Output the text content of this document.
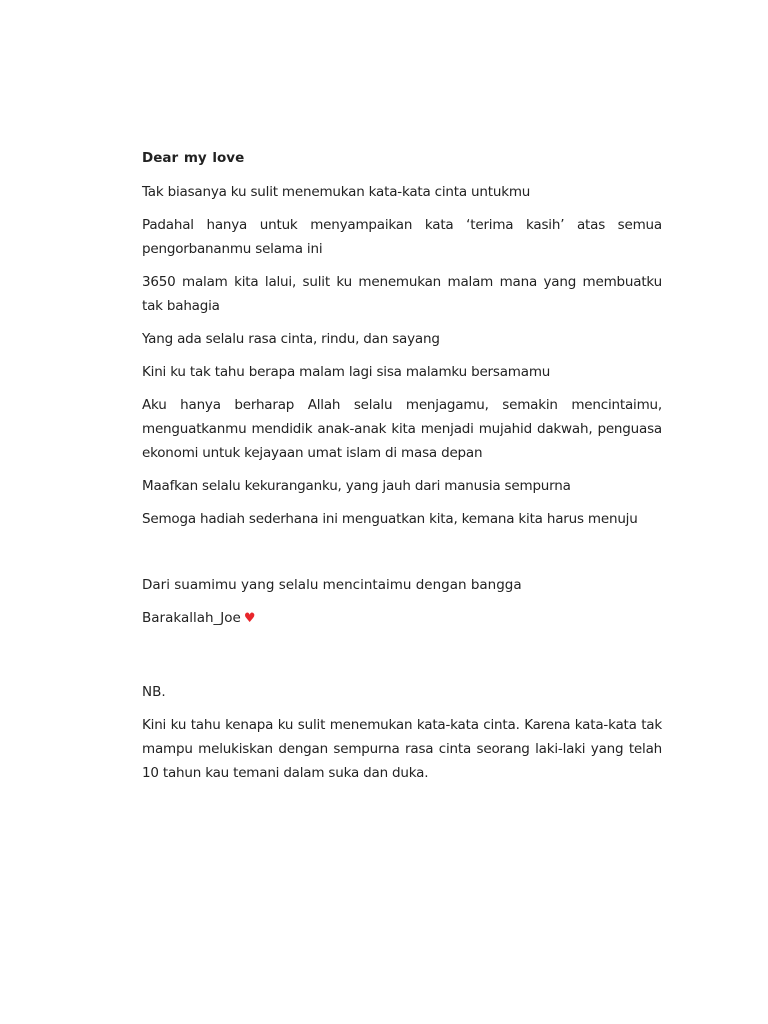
Dear my love

Tak biasanya ku sulit menemukan kata-kata cinta untukmu

Padahal hanya untuk menyampaikan kata ‘terima kasih’ atas semua pengorbananmu selama ini

3650 malam kita lalui, sulit ku menemukan malam mana yang membuatku tak bahagia

Yang ada selalu rasa cinta, rindu, dan sayang

Kini ku tak tahu berapa malam lagi sisa malamku bersamamu

Aku hanya berharap Allah selalu menjagamu, semakin mencintaimu, menguatkanmu mendidik anak-anak kita menjadi mujahid dakwah, penguasa ekonomi untuk kejayaan umat islam di masa depan

Maafkan selalu kekuranganku, yang jauh dari manusia sempurna

Semoga hadiah sederhana ini menguatkan kita, kemana kita harus menuju

Dari suamimu yang selalu mencintaimu dengan bangga

Barakallah_Joe ♥

NB.

Kini ku tahu kenapa ku sulit menemukan kata-kata cinta. Karena kata-kata tak mampu melukiskan dengan sempurna rasa cinta seorang laki-laki yang telah 10 tahun kau temani dalam suka dan duka.
